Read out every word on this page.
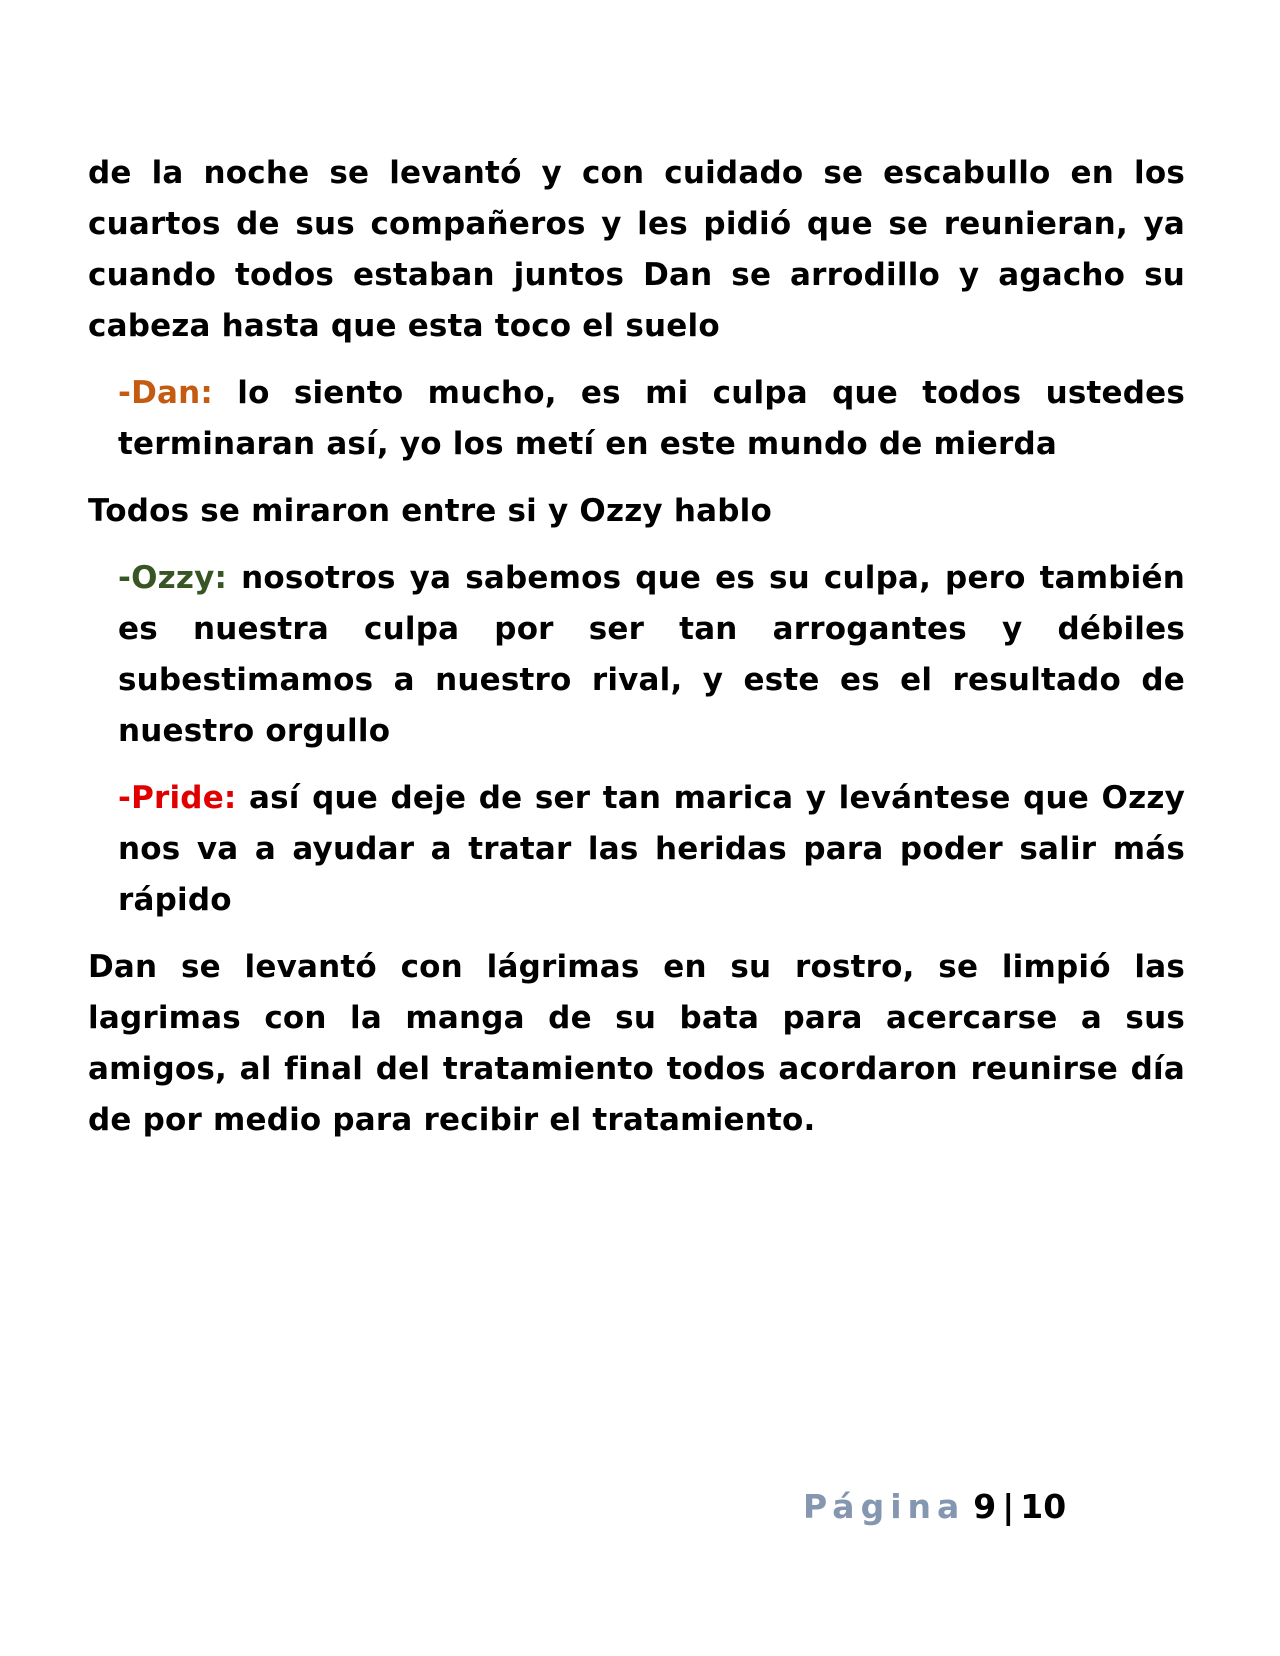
de la noche se levantó y con cuidado se escabullo en los cuartos de sus compañeros y les pidió que se reunieran, ya cuando todos estaban juntos Dan se arrodillo y agacho su cabeza hasta que esta toco el suelo

-Dan: lo siento mucho, es mi culpa que todos ustedes terminaran así, yo los metí en este mundo de mierda

Todos se miraron entre si y Ozzy hablo

-Ozzy: nosotros ya sabemos que es su culpa, pero también es nuestra culpa por ser tan arrogantes y débiles subestimamos a nuestro rival, y este es el resultado de nuestro orgullo

-Pride: así que deje de ser tan marica y levántese que Ozzy nos va a ayudar a tratar las heridas para poder salir más rápido

Dan se levantó con lágrimas en su rostro, se limpió las lagrimas con la manga de su bata para acercarse a sus amigos, al final del tratamiento todos acordaron reunirse día de por medio para recibir el tratamiento.

Página 9 | 10
